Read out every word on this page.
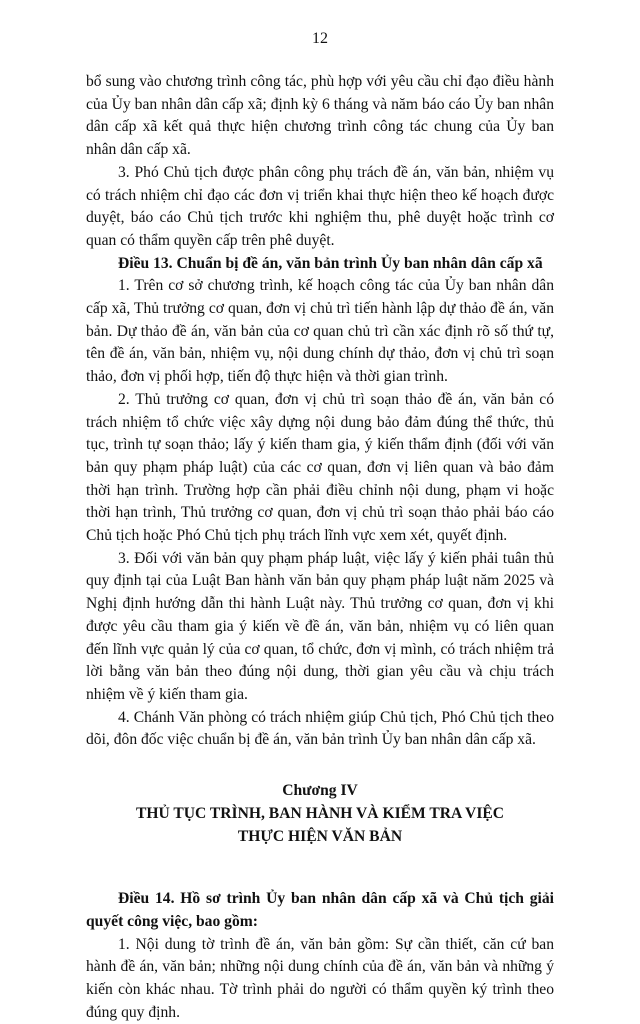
12

bổ sung vào chương trình công tác, phù hợp với yêu cầu chỉ đạo điều hành của Ủy ban nhân dân cấp xã; định kỳ 6 tháng và năm báo cáo Ủy ban nhân dân cấp xã kết quả thực hiện chương trình công tác chung của Ủy ban nhân dân cấp xã.

3. Phó Chủ tịch được phân công phụ trách đề án, văn bản, nhiệm vụ có trách nhiệm chỉ đạo các đơn vị triển khai thực hiện theo kế hoạch được duyệt, báo cáo Chủ tịch trước khi nghiệm thu, phê duyệt hoặc trình cơ quan có thẩm quyền cấp trên phê duyệt.

Điều 13. Chuẩn bị đề án, văn bản trình Ủy ban nhân dân cấp xã

1. Trên cơ sở chương trình, kế hoạch công tác của Ủy ban nhân dân cấp xã, Thủ trưởng cơ quan, đơn vị chủ trì tiến hành lập dự thảo đề án, văn bản. Dự thảo đề án, văn bản của cơ quan chủ trì cần xác định rõ số thứ tự, tên đề án, văn bản, nhiệm vụ, nội dung chính dự thảo, đơn vị chủ trì soạn thảo, đơn vị phối hợp, tiến độ thực hiện và thời gian trình.

2. Thủ trưởng cơ quan, đơn vị chủ trì soạn thảo đề án, văn bản có trách nhiệm tổ chức việc xây dựng nội dung bảo đảm đúng thể thức, thủ tục, trình tự soạn thảo; lấy ý kiến tham gia, ý kiến thẩm định (đối với văn bản quy phạm pháp luật) của các cơ quan, đơn vị liên quan và bảo đảm thời hạn trình. Trường hợp cần phải điều chỉnh nội dung, phạm vi hoặc thời hạn trình, Thủ trưởng cơ quan, đơn vị chủ trì soạn thảo phải báo cáo Chủ tịch hoặc Phó Chủ tịch phụ trách lĩnh vực xem xét, quyết định.

3. Đối với văn bản quy phạm pháp luật, việc lấy ý kiến phải tuân thủ quy định tại của Luật Ban hành văn bản quy phạm pháp luật năm 2025 và Nghị định hướng dẫn thi hành Luật này. Thủ trưởng cơ quan, đơn vị khi được yêu cầu tham gia ý kiến về đề án, văn bản, nhiệm vụ có liên quan đến lĩnh vực quản lý của cơ quan, tổ chức, đơn vị mình, có trách nhiệm trả lời bằng văn bản theo đúng nội dung, thời gian yêu cầu và chịu trách nhiệm về ý kiến tham gia.

4. Chánh Văn phòng có trách nhiệm giúp Chủ tịch, Phó Chủ tịch theo dõi, đôn đốc việc chuẩn bị đề án, văn bản trình Ủy ban nhân dân cấp xã.

Chương IV

THỦ TỤC TRÌNH, BAN HÀNH VÀ KIỂM TRA VIỆC

THỰC HIỆN VĂN BẢN

Điều 14. Hồ sơ trình Ủy ban nhân dân cấp xã và Chủ tịch giải quyết công việc, bao gồm:

1. Nội dung tờ trình đề án, văn bản gồm: Sự cần thiết, căn cứ ban hành đề án, văn bản; những nội dung chính của đề án, văn bản và những ý kiến còn khác nhau. Tờ trình phải do người có thẩm quyền ký trình theo đúng quy định.
